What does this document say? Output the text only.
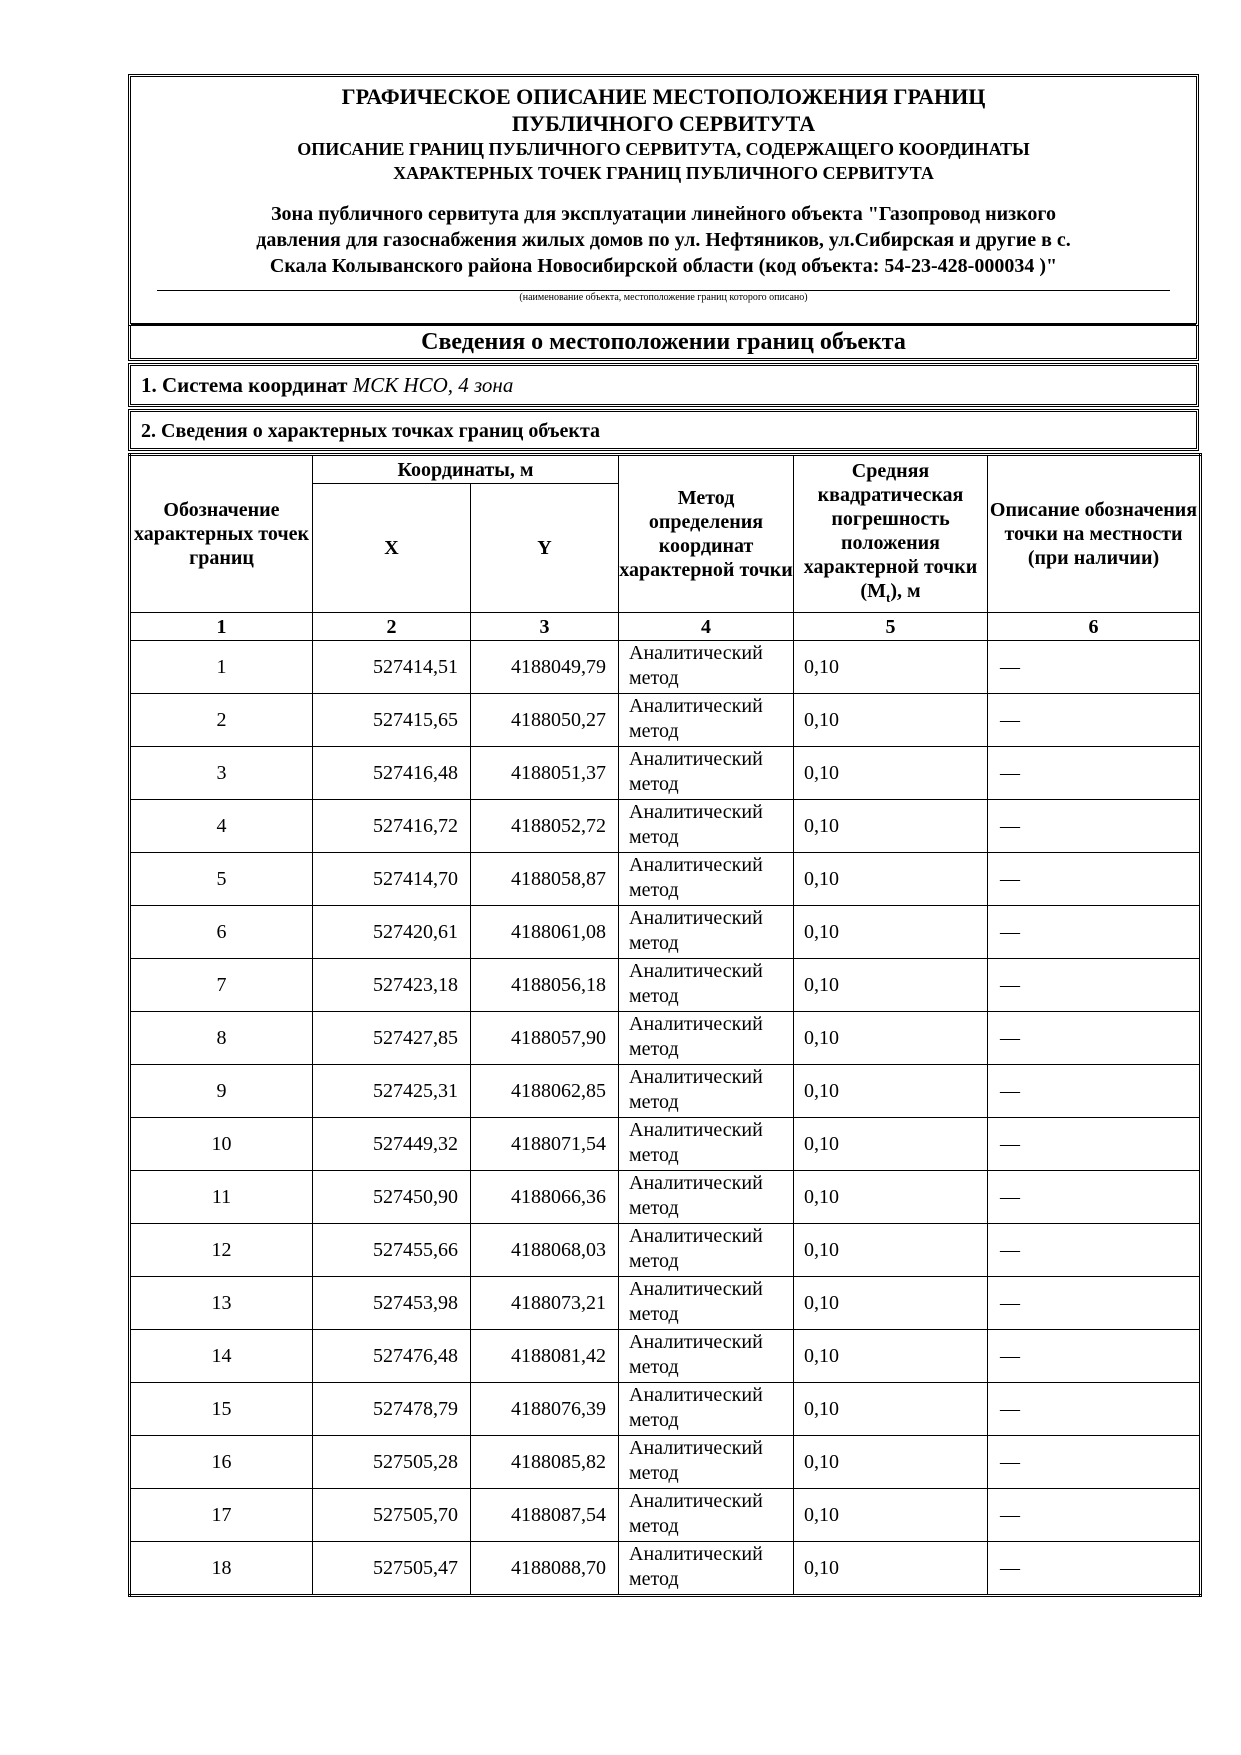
ГРАФИЧЕСКОЕ ОПИСАНИЕ МЕСТОПОЛОЖЕНИЯ ГРАНИЦ
ПУБЛИЧНОГО СЕРВИТУТА
ОПИСАНИЕ ГРАНИЦ ПУБЛИЧНОГО СЕРВИТУТА, СОДЕРЖАЩЕГО КООРДИНАТЫ
ХАРАКТЕРНЫХ ТОЧЕК ГРАНИЦ ПУБЛИЧНОГО СЕРВИТУТА
Зона публичного сервитута для эксплуатации линейного объекта "Газопровод низкого
давления для газоснабжения жилых домов по ул. Нефтяников, ул.Сибирская и другие в с.
Скала Колыванского района Новосибирской области (код объекта: 54-23-428-000034 )"
(наименование объекта, местоположение границ которого описано)
Сведения о местоположении границ объекта
1. Система координат МСК НСО, 4 зона
2. Сведения о характерных точках границ объекта
Обозначение характерных точек границ	Координаты, м		Метод определения координат характерной точки	Средняя квадратическая погрешность положения характерной точки $(M_t)$, м	Описание обозначения точки на местности (при наличии)
	X	Y			
1	2	3	4	5	6
1	527414,51	4188049,79	Аналитический метод	0,10	—
2	527415,65	4188050,27	Аналитический метод	0,10	—
3	527416,48	4188051,37	Аналитический метод	0,10	—
4	527416,72	4188052,72	Аналитический метод	0,10	—
5	527414,70	4188058,87	Аналитический метод	0,10	—
6	527420,61	4188061,08	Аналитический метод	0,10	—
7	527423,18	4188056,18	Аналитический метод	0,10	—
8	527427,85	4188057,90	Аналитический метод	0,10	—
9	527425,31	4188062,85	Аналитический метод	0,10	—
10	527449,32	4188071,54	Аналитический метод	0,10	—
11	527450,90	4188066,36	Аналитический метод	0,10	—
12	527455,66	4188068,03	Аналитический метод	0,10	—
13	527453,98	4188073,21	Аналитический метод	0,10	—
14	527476,48	4188081,42	Аналитический метод	0,10	—
15	527478,79	4188076,39	Аналитический метод	0,10	—
16	527505,28	4188085,82	Аналитический метод	0,10	—
17	527505,70	4188087,54	Аналитический метод	0,10	—
18	527505,47	4188088,70	Аналитический метод	0,10	—
